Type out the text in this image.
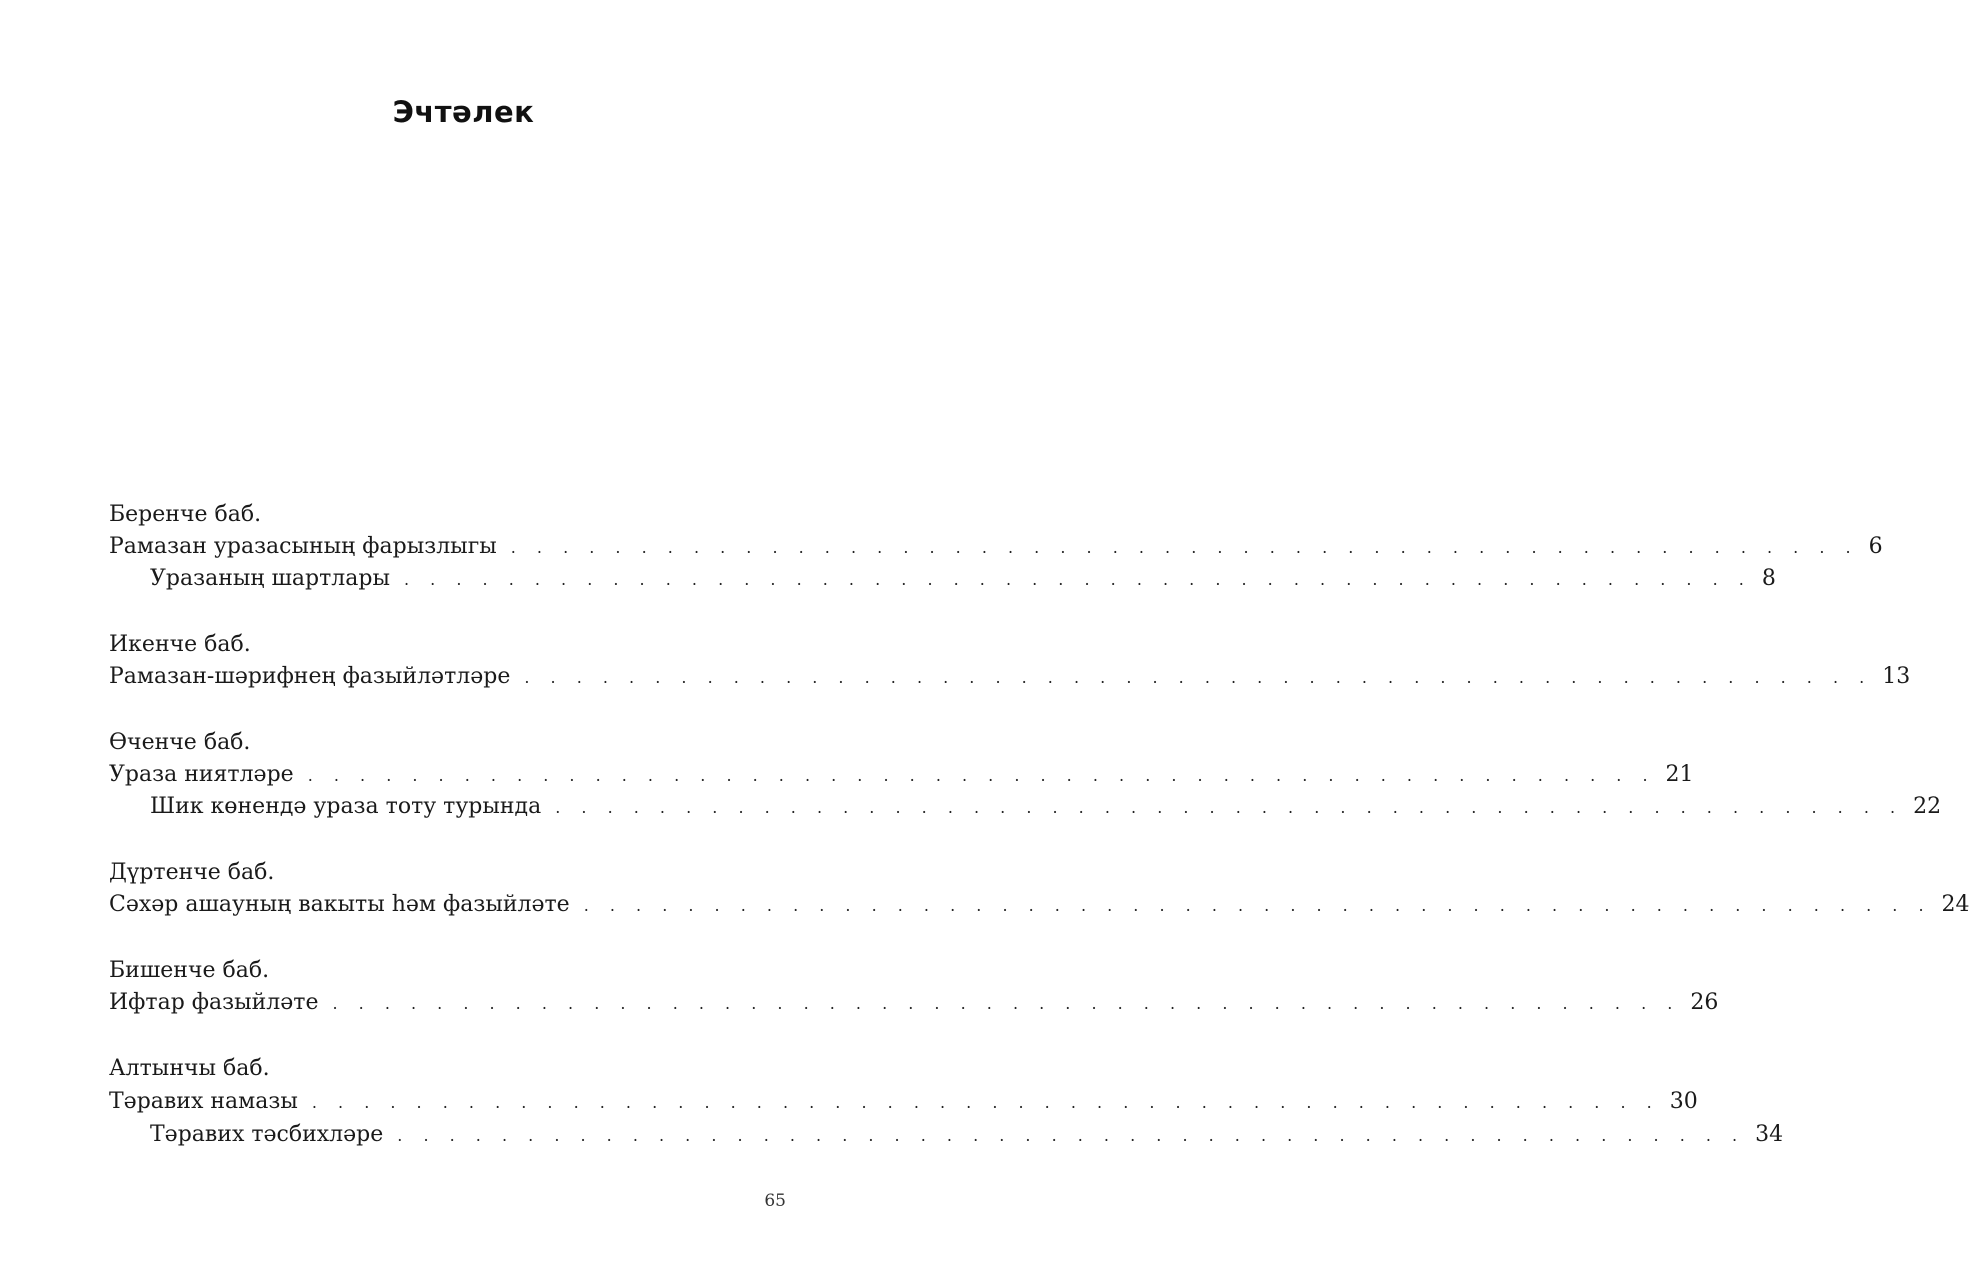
Эчтәлек
Беренче баб.
Рамазан уразасының фарызлыгы . . . . . . . . . . . . . . . . . . . . . . . . . . . . . . . . . . . . . . . . . . . . . . . . . . . . 6
Уразаның шартлары . . . . . . . . . . . . . . . . . . . . . . . . . . . . . . . . . . . . . . . . . . . . . . . . . . . . 8
Икенче баб.
Рамазан-шәрифнең фазыйләтләре . . . . . . . . . . . . . . . . . . . . . . . . . . . . . . . . . . . . . . . . . . . . . . . . . . . . 13
Өченче баб.
Ураза ниятләре . . . . . . . . . . . . . . . . . . . . . . . . . . . . . . . . . . . . . . . . . . . . . . . . . . . . 21
Шик көнендә ураза тоту турында . . . . . . . . . . . . . . . . . . . . . . . . . . . . . . . . . . . . . . . . . . . . . . . . . . . . 22
Дүртенче баб.
Сәхәр ашауның вакыты һәм фазыйләте . . . . . . . . . . . . . . . . . . . . . . . . . . . . . . . . . . . . . . . . . . . . . . . . . . . . 24
Бишенче баб.
Ифтар фазыйләте . . . . . . . . . . . . . . . . . . . . . . . . . . . . . . . . . . . . . . . . . . . . . . . . . . . . 26
Алтынчы баб.
Тәравих намазы . . . . . . . . . . . . . . . . . . . . . . . . . . . . . . . . . . . . . . . . . . . . . . . . . . . . 30
Тәравих тәсбихләре . . . . . . . . . . . . . . . . . . . . . . . . . . . . . . . . . . . . . . . . . . . . . . . . . . . . 34
65
